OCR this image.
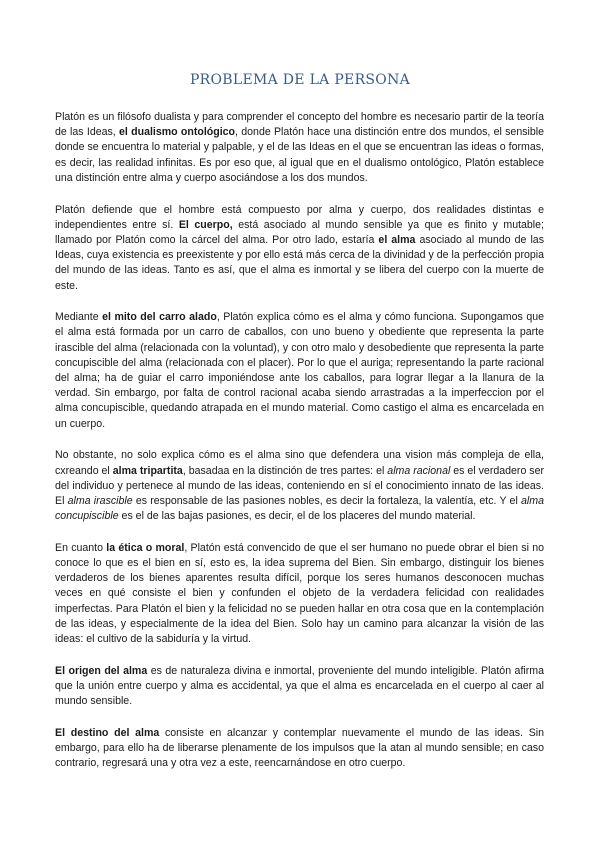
PROBLEMA DE LA PERSONA

Platón es un filósofo dualista y para comprender el concepto del hombre es necesario partir de la teoría de las Ideas, el dualismo ontológico, donde Platón hace una distinción entre dos mundos, el sensible donde se encuentra lo material y palpable, y el de las Ideas en el que se encuentran las ideas o formas, es decir, las realidad infinitas. Es por eso que, al igual que en el dualismo ontológico, Platón establece una distinción entre alma y cuerpo asociándose a los dos mundos.

Platón defiende que el hombre está compuesto por alma y cuerpo, dos realidades distintas e independientes entre sí. El cuerpo, está asociado al mundo sensible ya que es finito y mutable; llamado por Platón como la cárcel del alma. Por otro lado, estaría el alma asociado al mundo de las Ideas, cuya existencia es preexistente y por ello está más cerca de la divinidad y de la perfección propia del mundo de las ideas. Tanto es así, que el alma es inmortal y se libera del cuerpo con la muerte de este.

Mediante el mito del carro alado, Platón explica cómo es el alma y cómo funciona. Supongamos que el alma está formada por un carro de caballos, con uno bueno y obediente que representa la parte irascible del alma (relacionada con la voluntad), y con otro malo y desobediente que representa la parte concupiscible del alma (relacionada con el placer). Por lo que el auriga; representando la parte racional del alma; ha de guiar el carro imponiéndose ante los caballos, para lograr llegar a la llanura de la verdad. Sin embargo, por falta de control racional acaba siendo arrastradas a la imperfeccion por el alma concupiscible, quedando atrapada en el mundo material. Como castigo el alma es encarcelada en un cuerpo.

No obstante, no solo explica cómo es el alma sino que defendera una vision más compleja de ella, cxreando el alma tripartita, basadaa en la distinción de tres partes: el alma racional es el verdadero ser del individuo y pertenece al mundo de las ideas, conteniendo en sí el conocimiento innato de las ideas. El alma irascible es responsable de las pasiones nobles, es decir la fortaleza, la valentía, etc. Y el alma concupiscible es el de las bajas pasiones, es decir, el de los placeres del mundo material.

En cuanto la ética o moral, Platón está convencido de que el ser humano no puede obrar el bien si no conoce lo que es el bien en sí, esto es, la idea suprema del Bien. Sin embargo, distinguir los bienes verdaderos de los bienes aparentes resulta difícil, porque los seres humanos desconocen muchas veces en qué consiste el bien y confunden el objeto de la verdadera felicidad con realidades imperfectas. Para Platón el bien y la felicidad no se pueden hallar en otra cosa que en la contemplación de las ideas, y especialmente de la idea del Bien. Solo hay un camino para alcanzar la visión de las ideas: el cultivo de la sabiduría y la virtud.

El origen del alma es de naturaleza divina e inmortal, proveniente del mundo inteligible. Platón afirma que la unión entre cuerpo y alma es accidental, ya que el alma es encarcelada en el cuerpo al caer al mundo sensible.

El destino del alma consiste en alcanzar y contemplar nuevamente el mundo de las ideas. Sin embargo, para ello ha de liberarse plenamente de los impulsos que la atan al mundo sensible; en caso contrario, regresará una y otra vez a este, reencarnándose en otro cuerpo.
